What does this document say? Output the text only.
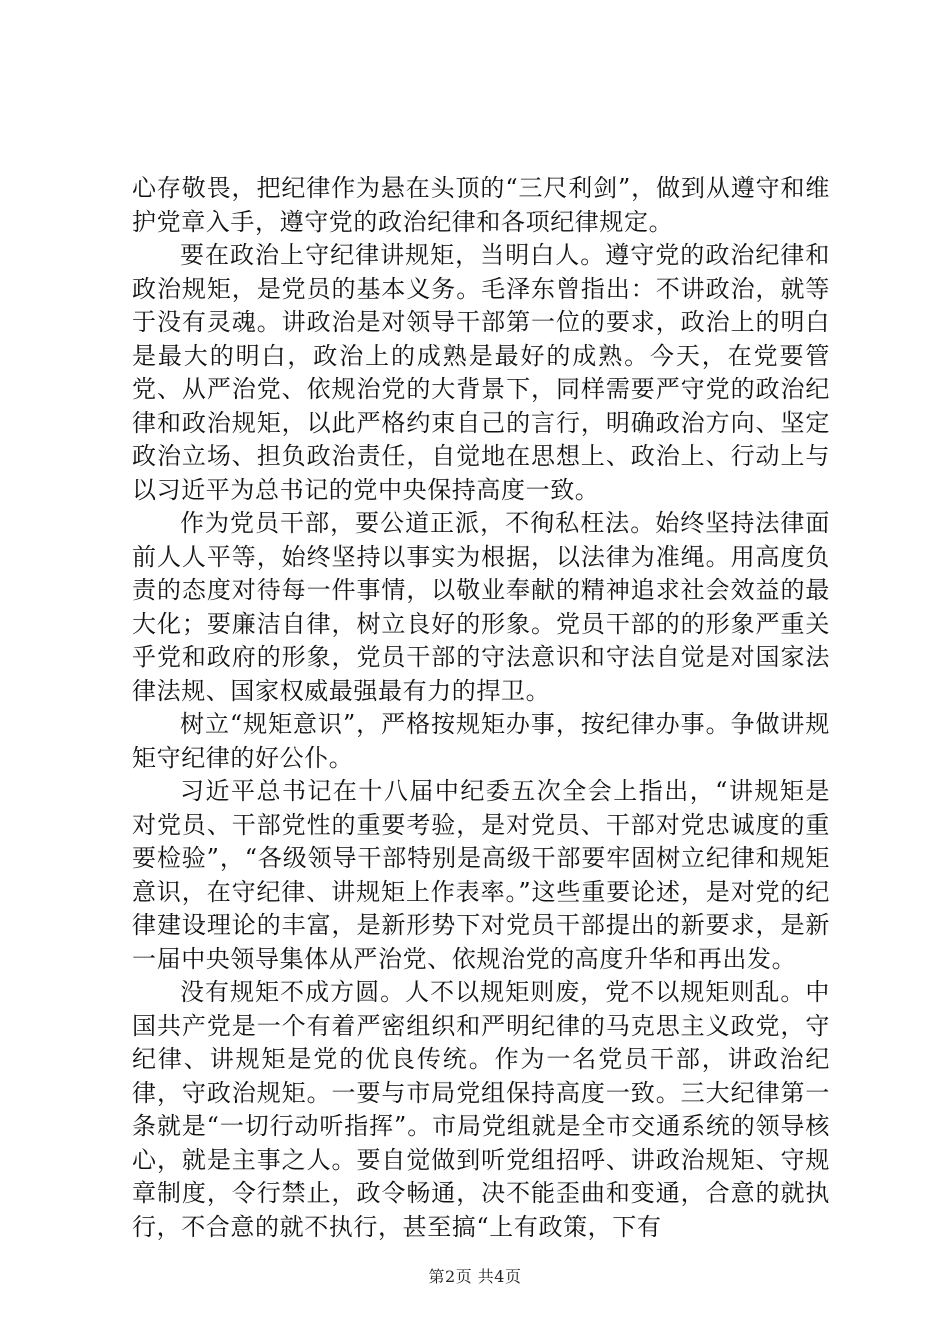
心存敬畏，把纪律作为悬在头顶的“三尺利剑”，做到从遵守和维护党章入手，遵守党的政治纪律和各项纪律规定。

要在政治上守纪律讲规矩，当明白人。遵守党的政治纪律和政治规矩，是党员的基本义务。毛泽东曾指出：不讲政治，就等于没有灵魂。讲政治是对领导干部第一位的要求，政治上的明白是最大的明白，政治上的成熟是最好的成熟。今天，在党要管党、从严治党、依规治党的大背景下，同样需要严守党的政治纪律和政治规矩，以此严格约束自己的言行，明确政治方向、坚定政治立场、担负政治责任，自觉地在思想上、政治上、行动上与以习近平为总书记的党中央保持高度一致。

作为党员干部，要公道正派，不徇私枉法。始终坚持法律面前人人平等，始终坚持以事实为根据，以法律为准绳。用高度负责的态度对待每一件事情，以敬业奉献的精神追求社会效益的最大化；要廉洁自律，树立良好的形象。党员干部的的形象严重关乎党和政府的形象，党员干部的守法意识和守法自觉是对国家法律法规、国家权威最强最有力的捍卫。

树立“规矩意识”，严格按规矩办事，按纪律办事。争做讲规矩守纪律的好公仆。

习近平总书记在十八届中纪委五次全会上指出，“讲规矩是对党员、干部党性的重要考验，是对党员、干部对党忠诚度的重要检验”，“各级领导干部特别是高级干部要牢固树立纪律和规矩意识，在守纪律、讲规矩上作表率。”这些重要论述，是对党的纪律建设理论的丰富，是新形势下对党员干部提出的新要求，是新一届中央领导集体从严治党、依规治党的高度升华和再出发。

没有规矩不成方圆。人不以规矩则废，党不以规矩则乱。中国共产党是一个有着严密组织和严明纪律的马克思主义政党，守纪律、讲规矩是党的优良传统。作为一名党员干部，讲政治纪律，守政治规矩。一要与市局党组保持高度一致。三大纪律第一条就是“一切行动听指挥”。市局党组就是全市交通系统的领导核心，就是主事之人。要自觉做到听党组招呼、讲政治规矩、守规章制度，令行禁止，政令畅通，决不能歪曲和变通，合意的就执行，不合意的就不执行，甚至搞“上有政策，下有

第2页 共4页
